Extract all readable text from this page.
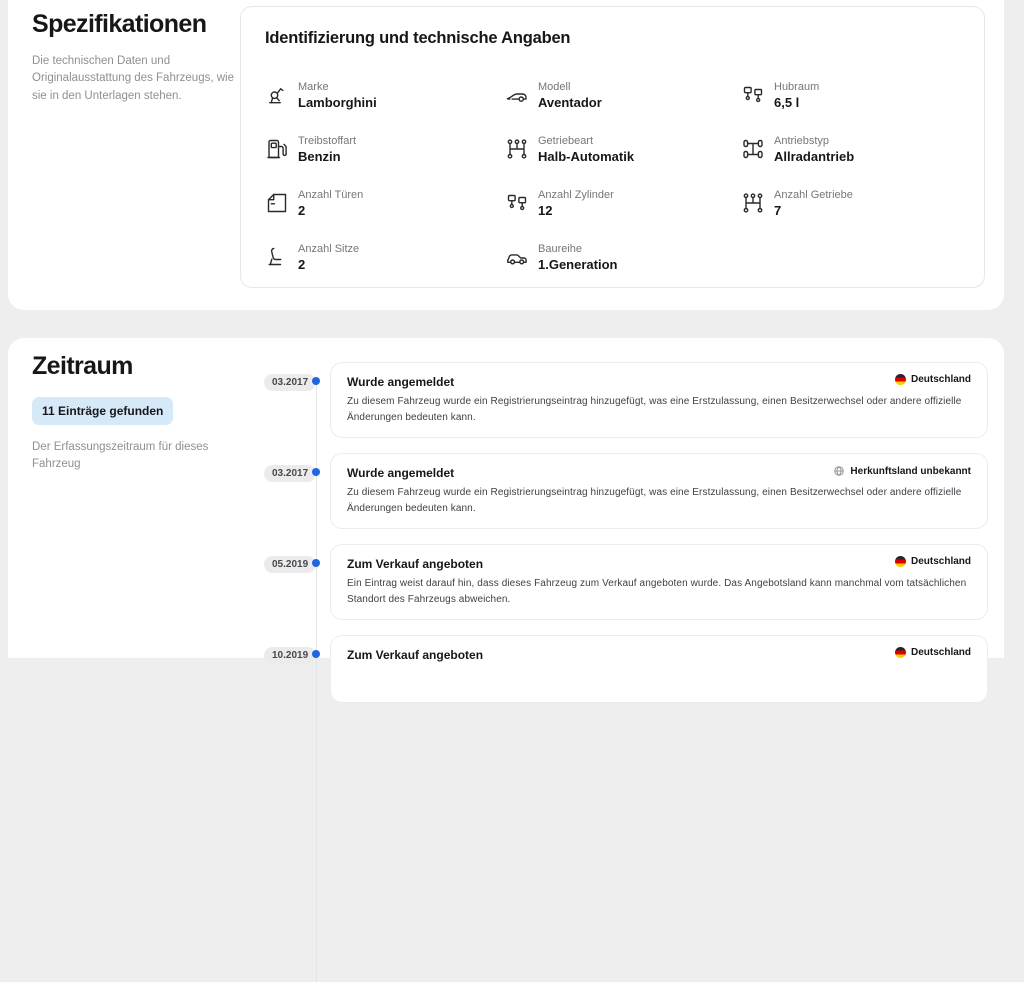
Spezifikationen

Die technischen Daten und Originalausstattung des Fahrzeugs, wie sie in den Unterlagen stehen.

Identifizierung und technische Angaben
Marke
Lamborghini
Modell
Aventador
Hubraum
6,5 l
Treibstoffart
Benzin
Getriebeart
Halb-Automatik
Antriebstyp
Allradantrieb
Anzahl Türen
2
Anzahl Zylinder
12
Anzahl Getriebe
7
Anzahl Sitze
2
Baureihe
1.Generation
Zeitraum
11 Einträge gefunden

Der Erfassungszeitraum für dieses Fahrzeug

03.2017	Wurde angemeldet	Deutschland

Zu diesem Fahrzeug wurde ein Registrierungseintrag hinzugefügt, was eine Erstzulassung, einen Besitzerwechsel oder andere offizielle Änderungen bedeuten kann.

03.2017	Wurde angemeldet	Herkunftsland unbekannt

Zu diesem Fahrzeug wurde ein Registrierungseintrag hinzugefügt, was eine Erstzulassung, einen Besitzerwechsel oder andere offizielle Änderungen bedeuten kann.

05.2019	Zum Verkauf angeboten	Deutschland

Ein Eintrag weist darauf hin, dass dieses Fahrzeug zum Verkauf angeboten wurde. Das Angebotsland kann manchmal vom tatsächlichen Standort des Fahrzeugs abweichen.

10.2019	Zum Verkauf angeboten	Deutschland
